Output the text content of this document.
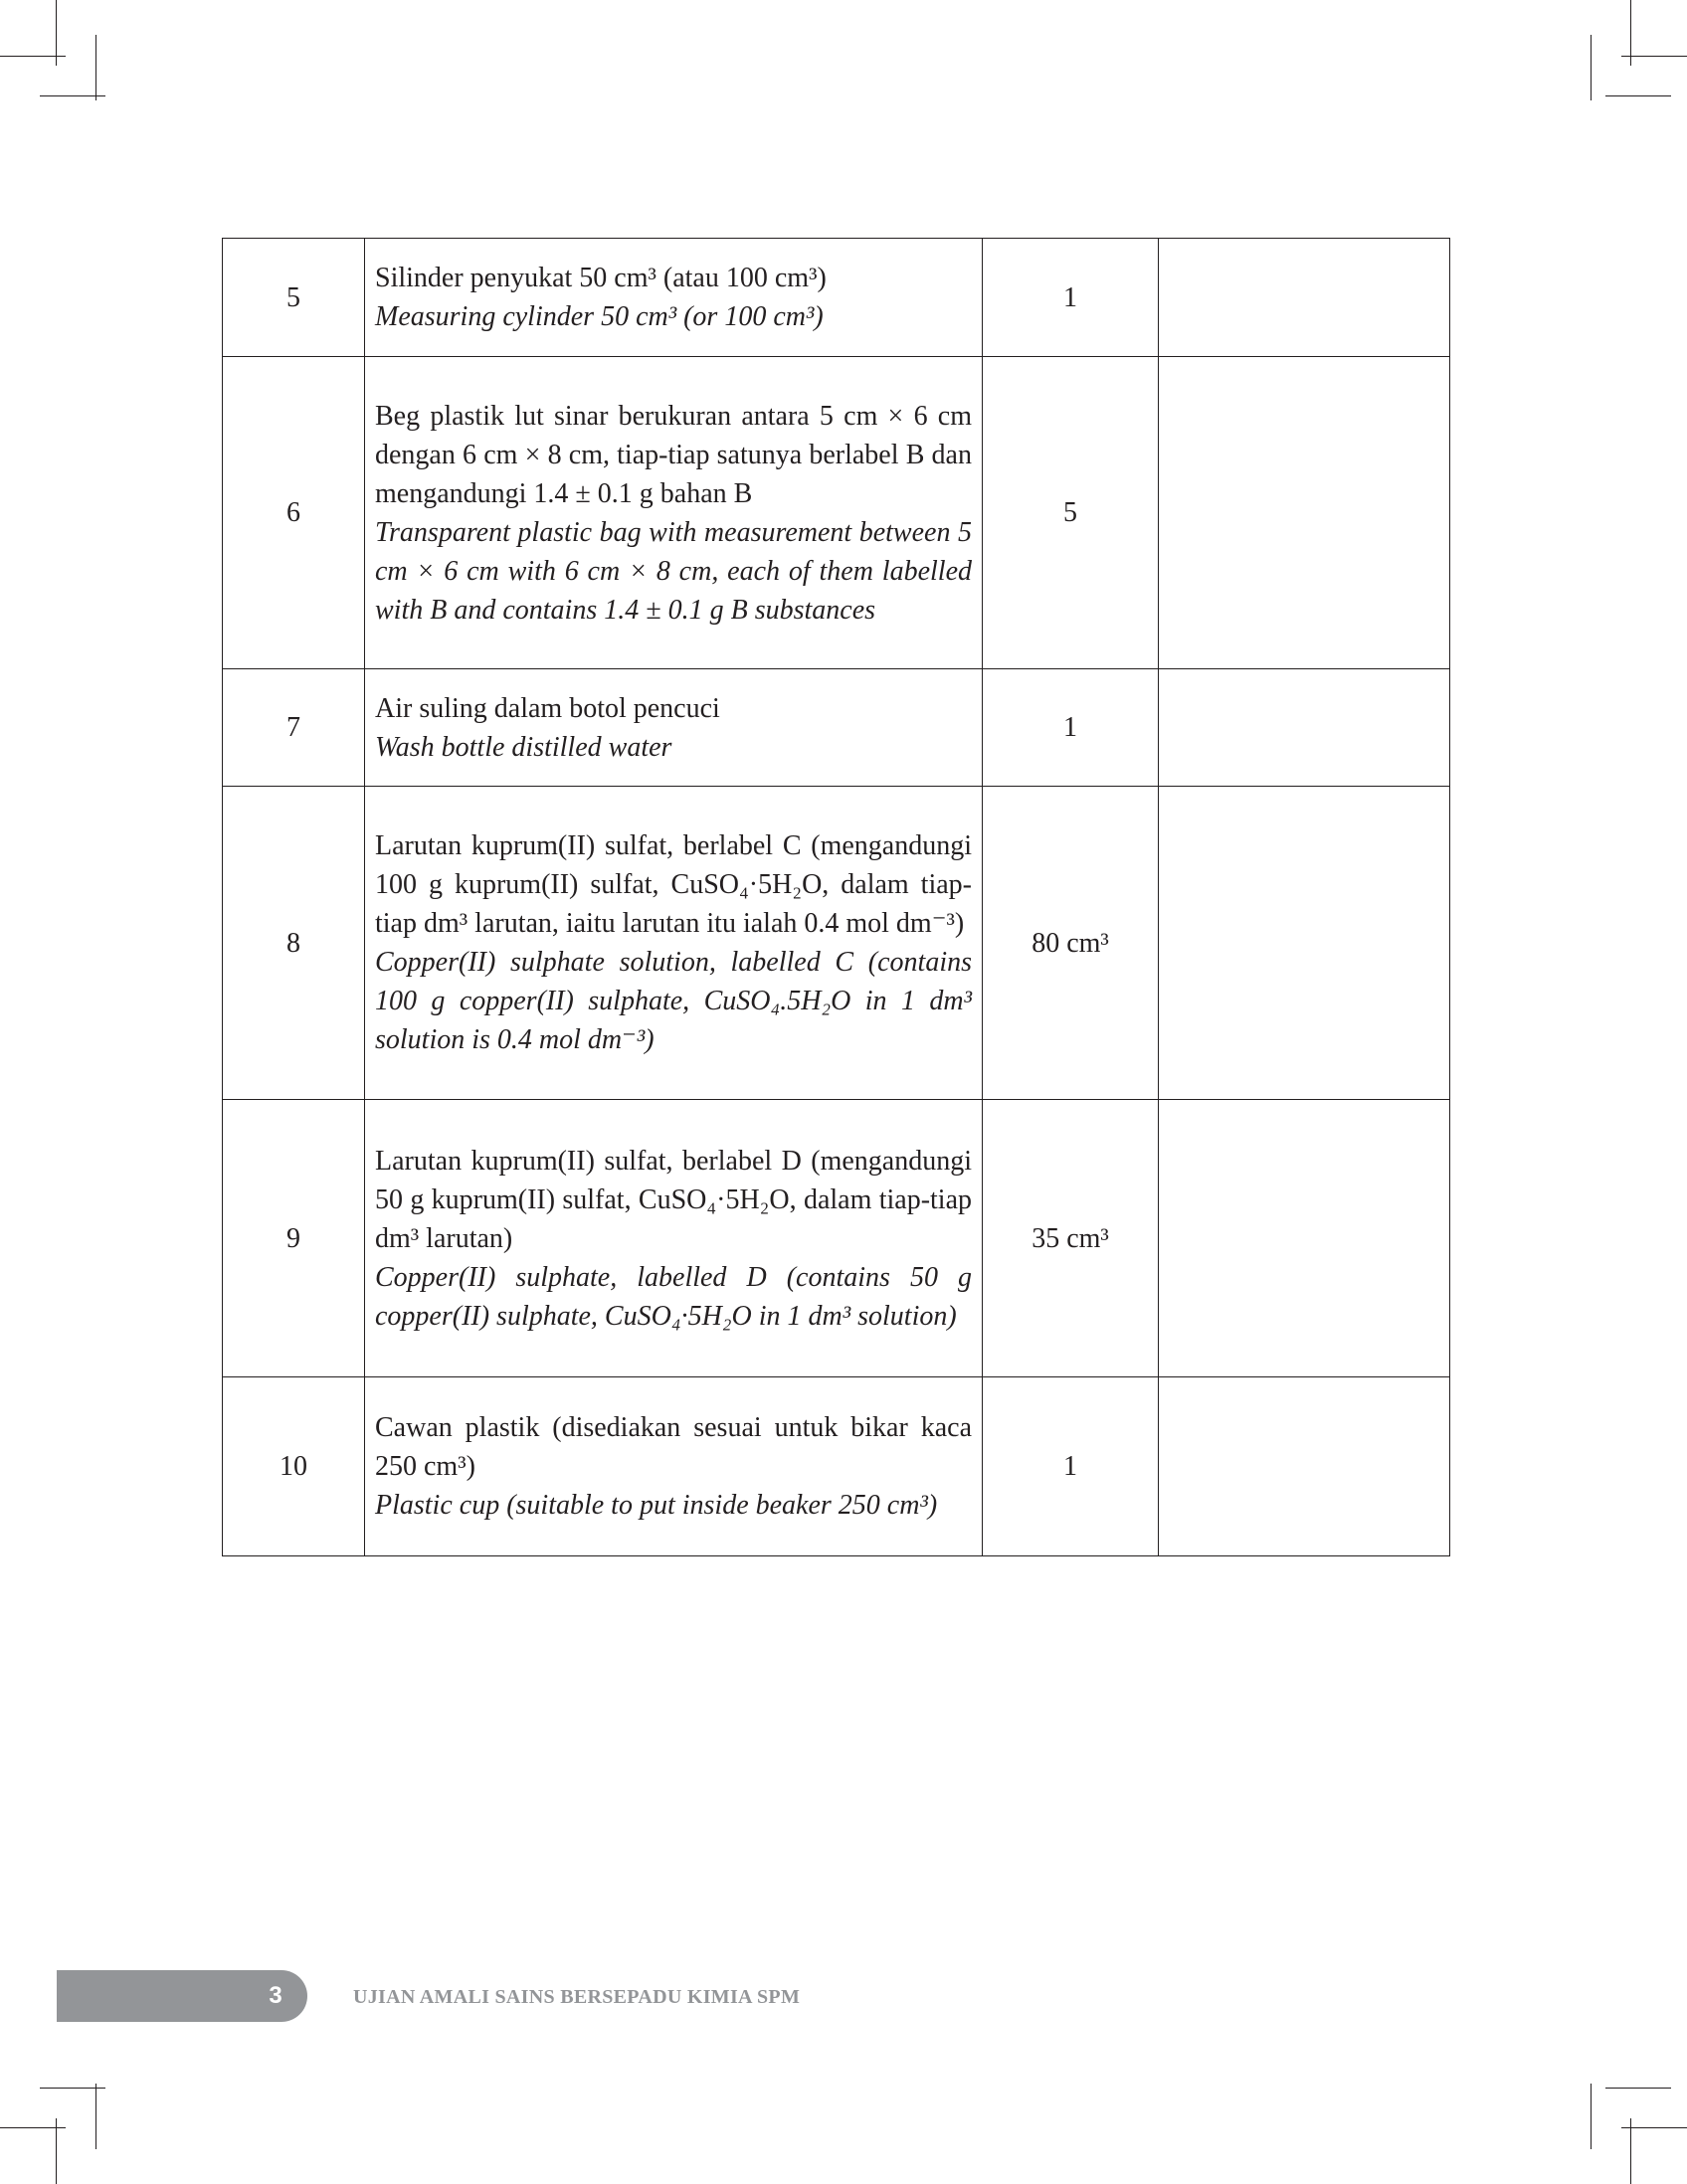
5	Silinder penyukat 50 cm³ (atau 100 cm³)
Measuring cylinder 50 cm³ (or 100 cm³)	1	
6	Beg plastik lut sinar berukuran antara 5 cm × 6 cm dengan 6 cm × 8 cm, tiap-tiap satunya berlabel B dan mengandungi 1.4 ± 0.1 g bahan B
Transparent plastic bag with measurement between 5 cm × 6 cm with 6 cm × 8 cm, each of them labelled with B and contains 1.4 ± 0.1 g B substances	5	
7	Air suling dalam botol pencuci
Wash bottle distilled water	1	
8	Larutan kuprum(II) sulfat, berlabel C (mengandungi 100 g kuprum(II) sulfat, CuSO₄·5H₂O, dalam tiap-tiap dm³ larutan, iaitu larutan itu ialah 0.4 mol dm⁻³)
Copper(II) sulphate solution, labelled C (contains 100 g copper(II) sulphate, CuSO₄.5H₂O in 1 dm³ solution is 0.4 mol dm⁻³)	80 cm³	
9	Larutan kuprum(II) sulfat, berlabel D (mengandungi 50 g kuprum(II) sulfat, CuSO₄·5H₂O, dalam tiap-tiap dm³ larutan)
Copper(II) sulphate, labelled D (contains 50 g copper(II) sulphate, CuSO₄·5H₂O in 1 dm³ solution)	35 cm³	
10	Cawan plastik (disediakan sesuai untuk bikar kaca 250 cm³)
Plastic cup (suitable to put inside beaker 250 cm³)	1	
3	UJIAN AMALI SAINS BERSEPADU KIMIA SPM
